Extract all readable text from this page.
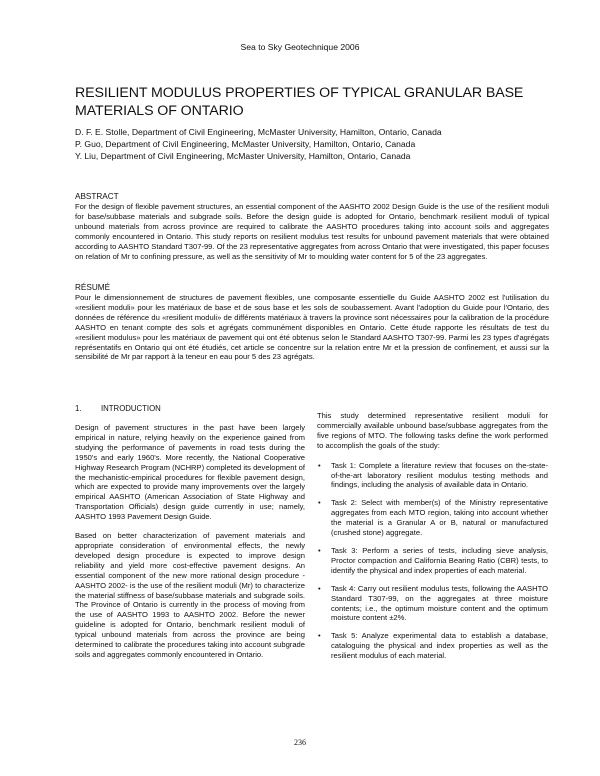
Sea to Sky Geotechnique 2006
RESILIENT MODULUS PROPERTIES OF TYPICAL GRANULAR BASE
MATERIALS OF ONTARIO
D. F. E. Stolle, Department of Civil Engineering, McMaster University, Hamilton, Ontario, Canada
P. Guo, Department of Civil Engineering, McMaster University, Hamilton, Ontario, Canada
Y. Liu, Department of Civil Engineering, McMaster University, Hamilton, Ontario, Canada
ABSTRACT

For the design of flexible pavement structures, an essential component of the AASHTO 2002 Design Guide is the use of the resilient moduli for base/subbase materials and subgrade soils. Before the design guide is adopted for Ontario, benchmark resilient moduli of typical unbound materials from across province are required to calibrate the AASHTO procedures taking into account soils and aggregates commonly encountered in Ontario. This study reports on resilient modulus test results for unbound pavement materials that were obtained according to AASHTO Standard T307-99. Of the 23 representative aggregates from across Ontario that were investigated, this paper focuses on relation of Mr to confining pressure, as well as the sensitivity of Mr to moulding water content for 5 of the 23 aggregates.

RÉSUMÉ

Pour le dimensionnement de structures de pavement flexibles, une composante essentielle du Guide AASHTO 2002 est l'utilisation du «resilient moduli» pour les matériaux de base et de sous base et les sols de soubassement. Avant l'adoption du Guide pour l'Ontario, des données de référence du «resilient moduli» de différents matériaux à travers la province sont nécessaires pour la calibration de la procédure AASHTO en tenant compte des sols et agrégats communément disponibles en Ontario. Cette étude rapporte les résultats de test du «resilient modulus» pour les matériaux de pavement qui ont été obtenus selon le Standard AASHTO T307-99. Parmi les 23 types d'agrégats représentatifs en Ontario qui ont été étudiés, cet article se concentre sur la relation entre Mr et la pression de confinement, et aussi sur la sensibilité de Mr par rapport à la teneur en eau pour 5 des 23 agrégats.

1. INTRODUCTION

Design of pavement structures in the past have been largely empirical in nature, relying heavily on the experience gained from studying the performance of pavements in road tests during the 1950's and early 1960's. More recently, the National Cooperative Highway Research Program (NCHRP) completed its development of the mechanistic-empirical procedures for flexible pavement design, which are expected to provide many improvements over the largely empirical AASHTO (American Association of State Highway and Transportation Officials) design guide currently in use; namely, AASHTO 1993 Pavement Design Guide.

Based on better characterization of pavement materials and appropriate consideration of environmental effects, the newly developed design procedure is expected to improve design reliability and yield more cost-effective pavement designs. An essential component of the new more rational design procedure - AASHTO 2002- is the use of the resilient moduli (Mr) to characterize the material stiffness of base/subbase materials and subgrade soils. The Province of Ontario is currently in the process of moving from the use of AASHTO 1993 to AASHTO 2002. Before the newer guideline is adopted for Ontario, benchmark resilient moduli of typical unbound materials from across the province are being determined to calibrate the procedures taking into account subgrade soils and aggregates commonly encountered in Ontario.

This study determined representative resilient moduli for commercially available unbound base/subbase aggregates from the five regions of MTO. The following tasks define the work performed to accomplish the goals of the study:

• Task 1: Complete a literature review that focuses on the-state-of-the-art laboratory resilient modulus testing methods and findings, including the analysis of available data in Ontario.
• Task 2: Select with member(s) of the Ministry representative aggregates from each MTO region, taking into account whether the material is a Granular A or B, natural or manufactured (crushed stone) aggregate.
• Task 3: Perform a series of tests, including sieve analysis, Proctor compaction and California Bearing Ratio (CBR) tests, to identify the physical and index properties of each material.
• Task 4: Carry out resilient modulus tests, following the AASHTO Standard T307-99, on the aggregates at three moisture contents; i.e., the optimum moisture content and the optimum moisture content ±2%.
• Task 5: Analyze experimental data to establish a database, cataloguing the physical and index properties as well as the resilient modulus of each material.
236
